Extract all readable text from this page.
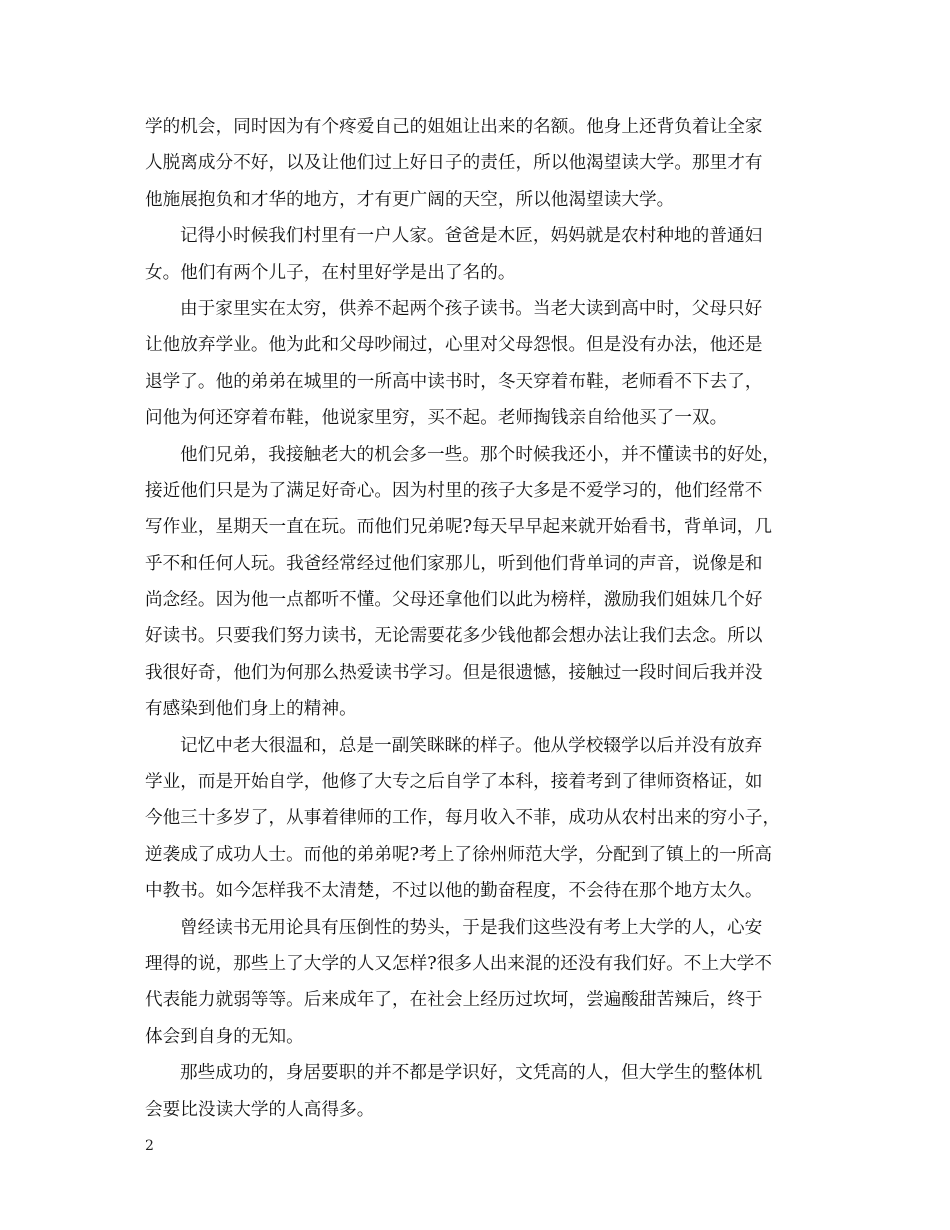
学的机会，同时因为有个疼爱自己的姐姐让出来的名额。他身上还背负着让全家
人脱离成分不好，以及让他们过上好日子的责任，所以他渴望读大学。那里才有
他施展抱负和才华的地方，才有更广阔的天空，所以他渴望读大学。
记得小时候我们村里有一户人家。爸爸是木匠，妈妈就是农村种地的普通妇
女。他们有两个儿子，在村里好学是出了名的。
由于家里实在太穷，供养不起两个孩子读书。当老大读到高中时，父母只好
让他放弃学业。他为此和父母吵闹过，心里对父母怨恨。但是没有办法，他还是
退学了。他的弟弟在城里的一所高中读书时，冬天穿着布鞋，老师看不下去了，
问他为何还穿着布鞋，他说家里穷，买不起。老师掏钱亲自给他买了一双。
他们兄弟，我接触老大的机会多一些。那个时候我还小，并不懂读书的好处，
接近他们只是为了满足好奇心。因为村里的孩子大多是不爱学习的，他们经常不
写作业，星期天一直在玩。而他们兄弟呢?每天早早起来就开始看书，背单词，几
乎不和任何人玩。我爸经常经过他们家那儿，听到他们背单词的声音，说像是和
尚念经。因为他一点都听不懂。父母还拿他们以此为榜样，激励我们姐妹几个好
好读书。只要我们努力读书，无论需要花多少钱他都会想办法让我们去念。所以
我很好奇，他们为何那么热爱读书学习。但是很遗憾，接触过一段时间后我并没
有感染到他们身上的精神。
记忆中老大很温和，总是一副笑眯眯的样子。他从学校辍学以后并没有放弃
学业，而是开始自学，他修了大专之后自学了本科，接着考到了律师资格证，如
今他三十多岁了，从事着律师的工作，每月收入不菲，成功从农村出来的穷小子，
逆袭成了成功人士。而他的弟弟呢?考上了徐州师范大学，分配到了镇上的一所高
中教书。如今怎样我不太清楚，不过以他的勤奋程度，不会待在那个地方太久。
曾经读书无用论具有压倒性的势头，于是我们这些没有考上大学的人，心安
理得的说，那些上了大学的人又怎样?很多人出来混的还没有我们好。不上大学不
代表能力就弱等等。后来成年了，在社会上经历过坎坷，尝遍酸甜苦辣后，终于
体会到自身的无知。
那些成功的，身居要职的并不都是学识好，文凭高的人，但大学生的整体机
会要比没读大学的人高得多。
2
